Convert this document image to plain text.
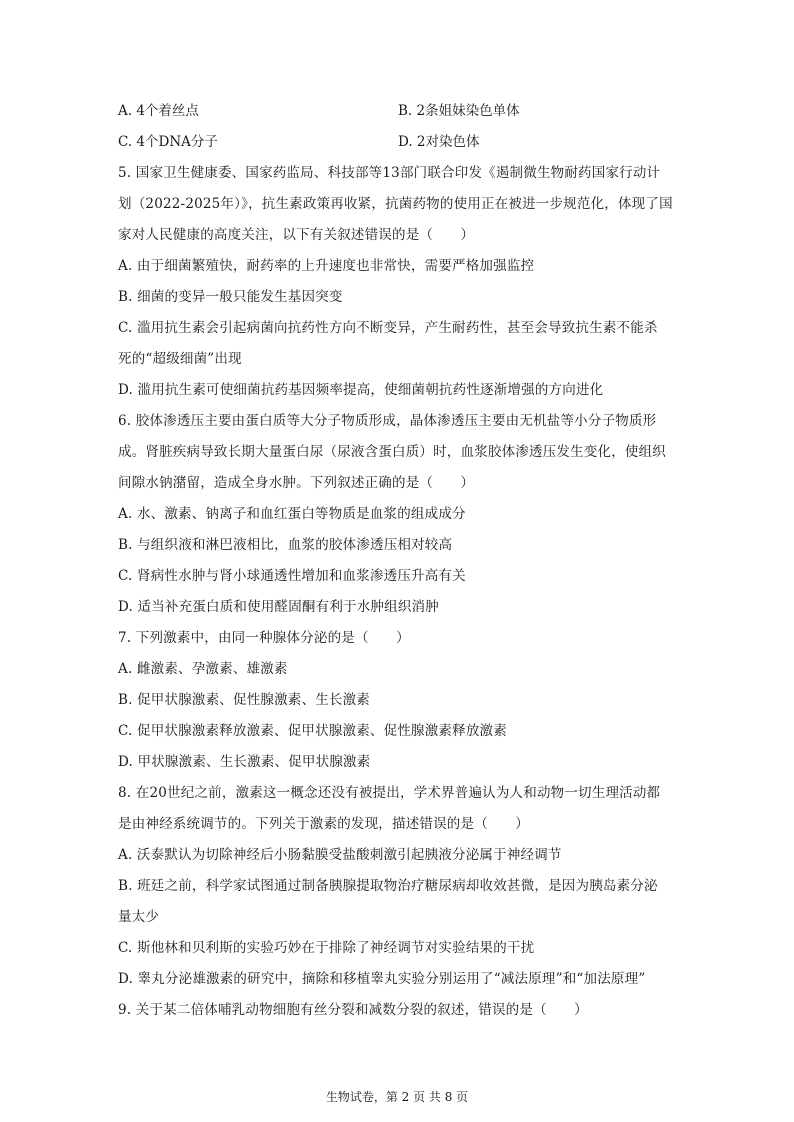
A. 4个着丝点	B. 2条姐妹染色单体
C. 4个DNA分子	D. 2对染色体
5. 国家卫生健康委、国家药监局、科技部等13部门联合印发《遏制微生物耐药国家行动计
划（2022-2025年）》，抗生素政策再收紧，抗菌药物的使用正在被进一步规范化，体现了国
家对人民健康的高度关注，以下有关叙述错误的是（　　）
A. 由于细菌繁殖快，耐药率的上升速度也非常快，需要严格加强监控
B. 细菌的变异一般只能发生基因突变
C. 滥用抗生素会引起病菌向抗药性方向不断变异，产生耐药性，甚至会导致抗生素不能杀
死的“超级细菌”出现
D. 滥用抗生素可使细菌抗药基因频率提高，使细菌朝抗药性逐渐增强的方向进化
6. 胶体渗透压主要由蛋白质等大分子物质形成，晶体渗透压主要由无机盐等小分子物质形
成。肾脏疾病导致长期大量蛋白尿（尿液含蛋白质）时，血浆胶体渗透压发生变化，使组织
间隙水钠潴留，造成全身水肿。下列叙述正确的是（　　）
A. 水、激素、钠离子和血红蛋白等物质是血浆的组成成分
B. 与组织液和淋巴液相比，血浆的胶体渗透压相对较高
C. 肾病性水肿与肾小球通透性增加和血浆渗透压升高有关
D. 适当补充蛋白质和使用醛固酮有利于水肿组织消肿
7. 下列激素中，由同一种腺体分泌的是（　　）
A. 雌激素、孕激素、雄激素
B. 促甲状腺激素、促性腺激素、生长激素
C. 促甲状腺激素释放激素、促甲状腺激素、促性腺激素释放激素
D. 甲状腺激素、生长激素、促甲状腺激素
8. 在20世纪之前，激素这一概念还没有被提出，学术界普遍认为人和动物一切生理活动都
是由神经系统调节的。下列关于激素的发现，描述错误的是（　　）
A. 沃泰默认为切除神经后小肠黏膜受盐酸刺激引起胰液分泌属于神经调节
B. 班廷之前，科学家试图通过制备胰腺提取物治疗糖尿病却收效甚微，是因为胰岛素分泌
量太少
C. 斯他林和贝利斯的实验巧妙在于排除了神经调节对实验结果的干扰
D. 睾丸分泌雄激素的研究中，摘除和移植睾丸实验分别运用了“减法原理”和“加法原理”
9. 关于某二倍体哺乳动物细胞有丝分裂和减数分裂的叙述，错误的是（　　）
生物试卷，第 2 页 共 8 页
